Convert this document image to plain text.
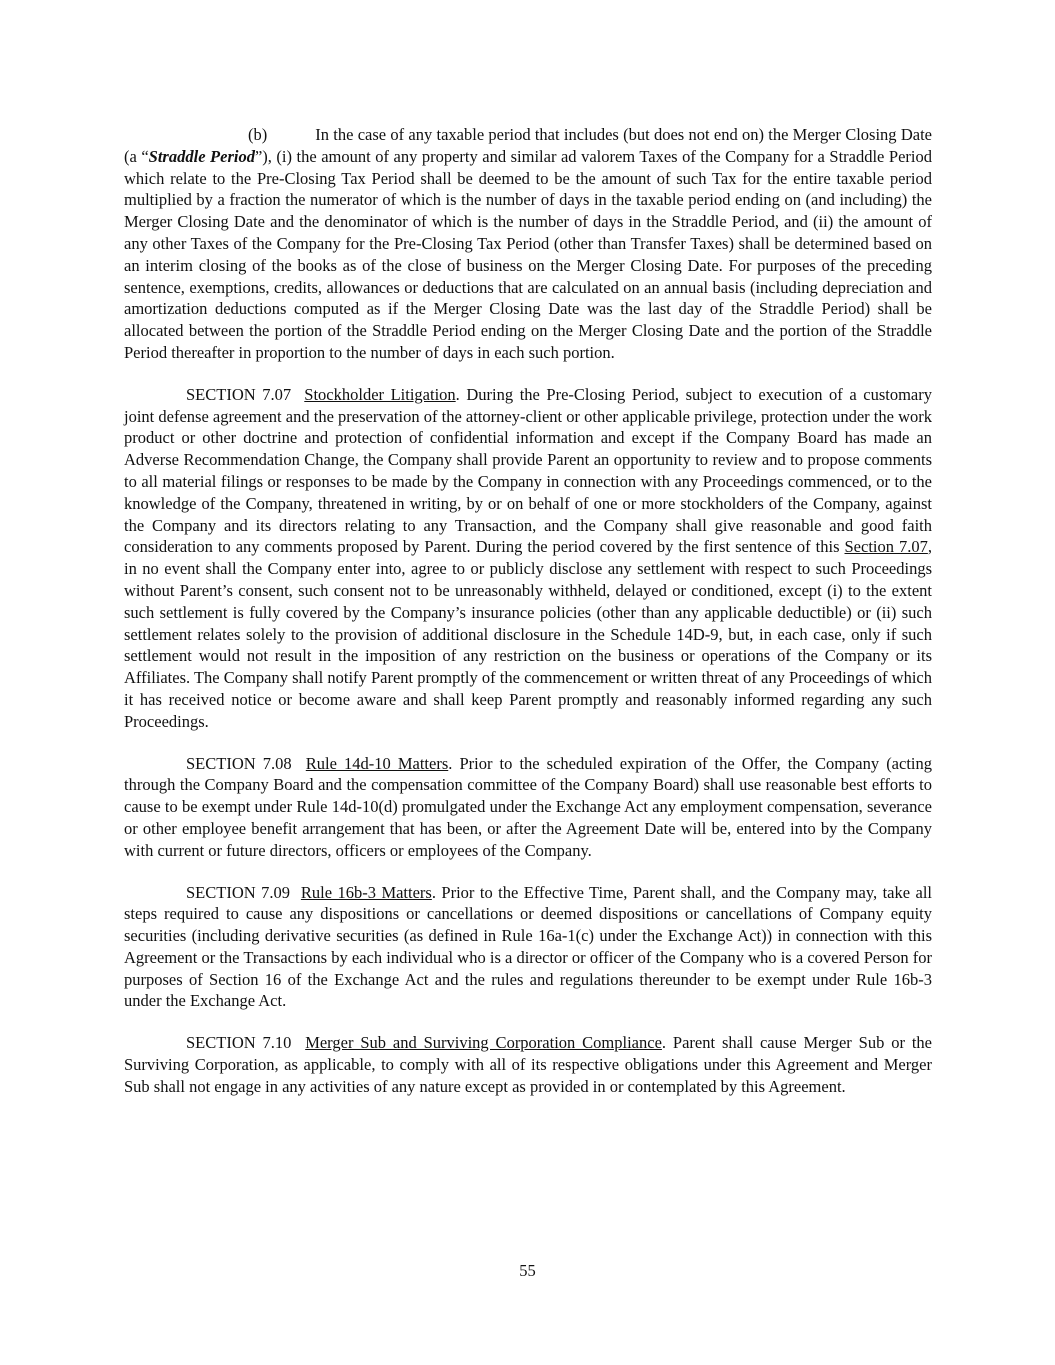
(b)	In the case of any taxable period that includes (but does not end on) the Merger Closing Date (a “Straddle Period”), (i) the amount of any property and similar ad valorem Taxes of the Company for a Straddle Period which relate to the Pre-Closing Tax Period shall be deemed to be the amount of such Tax for the entire taxable period multiplied by a fraction the numerator of which is the number of days in the taxable period ending on (and including) the Merger Closing Date and the denominator of which is the number of days in the Straddle Period, and (ii) the amount of any other Taxes of the Company for the Pre-Closing Tax Period (other than Transfer Taxes) shall be determined based on an interim closing of the books as of the close of business on the Merger Closing Date. For purposes of the preceding sentence, exemptions, credits, allowances or deductions that are calculated on an annual basis (including depreciation and amortization deductions computed as if the Merger Closing Date was the last day of the Straddle Period) shall be allocated between the portion of the Straddle Period ending on the Merger Closing Date and the portion of the Straddle Period thereafter in proportion to the number of days in each such portion.

SECTION 7.07 Stockholder Litigation. During the Pre-Closing Period, subject to execution of a customary joint defense agreement and the preservation of the attorney-client or other applicable privilege, protection under the work product or other doctrine and protection of confidential information and except if the Company Board has made an Adverse Recommendation Change, the Company shall provide Parent an opportunity to review and to propose comments to all material filings or responses to be made by the Company in connection with any Proceedings commenced, or to the knowledge of the Company, threatened in writing, by or on behalf of one or more stockholders of the Company, against the Company and its directors relating to any Transaction, and the Company shall give reasonable and good faith consideration to any comments proposed by Parent. During the period covered by the first sentence of this Section 7.07, in no event shall the Company enter into, agree to or publicly disclose any settlement with respect to such Proceedings without Parent’s consent, such consent not to be unreasonably withheld, delayed or conditioned, except (i) to the extent such settlement is fully covered by the Company’s insurance policies (other than any applicable deductible) or (ii) such settlement relates solely to the provision of additional disclosure in the Schedule 14D-9, but, in each case, only if such settlement would not result in the imposition of any restriction on the business or operations of the Company or its Affiliates. The Company shall notify Parent promptly of the commencement or written threat of any Proceedings of which it has received notice or become aware and shall keep Parent promptly and reasonably informed regarding any such Proceedings.

SECTION 7.08 Rule 14d-10 Matters. Prior to the scheduled expiration of the Offer, the Company (acting through the Company Board and the compensation committee of the Company Board) shall use reasonable best efforts to cause to be exempt under Rule 14d-10(d) promulgated under the Exchange Act any employment compensation, severance or other employee benefit arrangement that has been, or after the Agreement Date will be, entered into by the Company with current or future directors, officers or employees of the Company.

SECTION 7.09 Rule 16b-3 Matters. Prior to the Effective Time, Parent shall, and the Company may, take all steps required to cause any dispositions or cancellations or deemed dispositions or cancellations of Company equity securities (including derivative securities (as defined in Rule 16a-1(c) under the Exchange Act)) in connection with this Agreement or the Transactions by each individual who is a director or officer of the Company who is a covered Person for purposes of Section 16 of the Exchange Act and the rules and regulations thereunder to be exempt under Rule 16b-3 under the Exchange Act.

SECTION 7.10 Merger Sub and Surviving Corporation Compliance. Parent shall cause Merger Sub or the Surviving Corporation, as applicable, to comply with all of its respective obligations under this Agreement and Merger Sub shall not engage in any activities of any nature except as provided in or contemplated by this Agreement.

55
